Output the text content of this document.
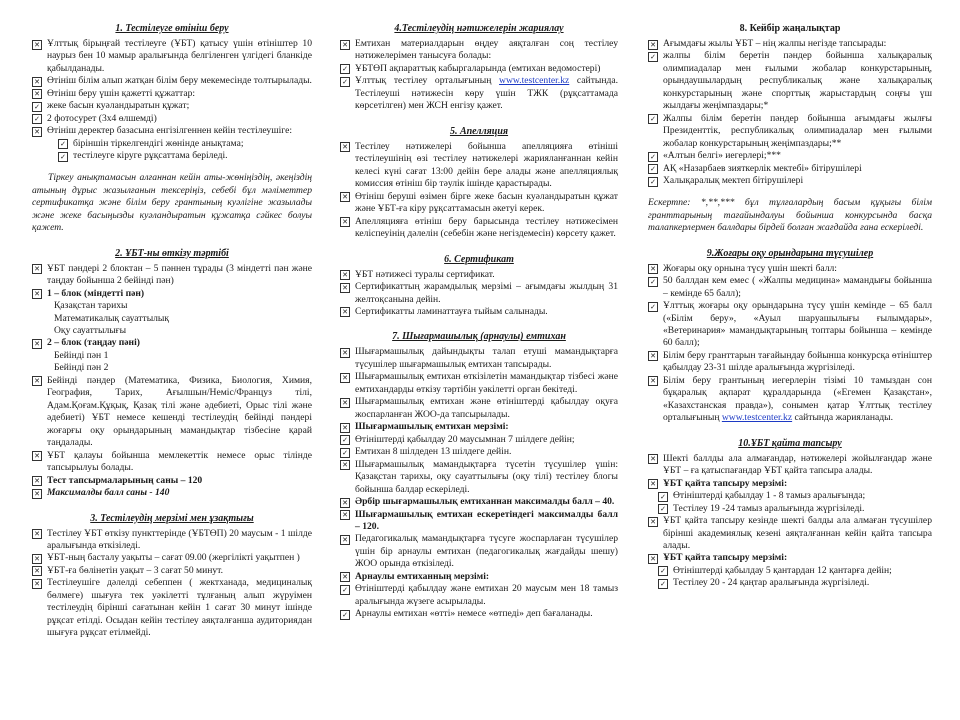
1. Тестілеуге өтініш беру
✕ Ұлттық бірыңғай тестілеуге (ҰБТ) қатысу үшін өтініштер 10 наурыз бен 10 мамыр аралығында белгіленген үлгідегі бланкіде қабылданады.
✕ Өтініш білім алып жатқан білім беру мекемесінде толтырылады.
✕ Өтініш беру үшін қажетті құжаттар:
✓ жеке басын куәландыратын құжат;
✓ 2 фотосурет (3х4 өлшемді)
✕ Өтініш деректер базасына енгізілгеннен кейін тестілеушіге:
✓ біріншін тіркелгендігі жөнінде анықтама;
✓ тестілеуге кіруге рұқсаттама беріледі.

Тіркеу анықтамасын алғаннан кейін аты-жөніңіздің, әкеңіздің атының дұрыс жазылғанын тексеріңіз, себебі бұл мәліметтер сертификатқа және білім беру грантының куәлігіне жазылады және жеке басыңызды куәландыратын құжатқа сәйкес болуы қажет.

2. ҰБТ-ны өткізу тәртібі
✕ ҰБТ пәндері 2 блоктан – 5 пәннен тұрады (3 міндетті пән және таңдау бойынша 2 бейінді пән)
✕ 1 – блок (міндетті пән)
Қазақстан тарихы
Математикалық сауаттылық
Оқу сауаттылығы
✕ 2 – блок (таңдау пәні)
Бейінді пән 1
Бейінді пән 2
✕ Бейінді пәндер (Математика, Физика, Биология, Химия, География, Тарих, Ағылшын/Неміс/Француз тілі, Адам.Қоғам.Құқық, Қазақ тілі және әдебиеті, Орыс тілі және әдебиеті) ҰБТ немесе кешенді тестілеудің бейінді пәндері жоғарғы оқу орындарының мамандықтар тізбесіне қарай таңдалады.
✕ ҰБТ қалауы бойынша мемлекеттік немесе орыс тілінде тапсырылуы болады.
✕ Тест тапсырмаларының саны – 120
✕ Максималды балл саны - 140
3. Тестілеудің мерзімі мен ұзақтығы
✕ Тестілеу ҰБТ өткізу пункттерінде (ҰБТӨП) 20 маусым - 1 шілде аралығында өткізіледі.
✕ ҰБТ-ның басталу уақыты – сағат 09.00 (жергілікті уақытпен )
✕ ҰБТ-ға бөлінетін уақыт – 3 сағат 50 минут.
✕ Тестілеушіге дәлелді себеппен ( жектханада, медициналық бөлмеге) шығуға тек уәкілетті тұлғаның алып жүруімен тестілеудің бірінші сағатынан кейін 1 сағат 30 минут ішінде рұқсат етілді. Осыдан кейін тестілеу аяқталғанша аудиториядан шығуға рұқсат етілмейді.
4.Тестілеудің нәтижелерін жариялау
✕ Емтихан материалдарын өңдеу аяқталған соң тестілеу нәтижелерімен танысуға болады:
✓ ҰБТӨП ақпараттық кабыргаларында (емтихан ведомостері)
✓ Ұлттық тестілеу орталығының www.testcenter.kz сайтында. Тестілеуші нәтижесін көру үшін ТЖК (рұқсаттамада көрсетілген) мен ЖСН енгізу қажет.
5. Апелляция
✕ Тестілеу нәтижелері бойынша апелляцияға өтініші тестілеушінің өзі тестілеу нәтижелері жарияланғаннан кейін келесі күні сағат 13:00 дейін бере алады және апелляциялық комиссия өтініш бір тәулік ішінде қарастырады.
✕ Өтініш берушi өзімен бірге жеке басын куәландыратын құжат және ҰБТ-ға кіру рұқсаттамасын әкетуі керек.
✕ Апелляцияға өтініш беру барысында тестілеу нәтижесімен келіспеуінің дәлелін (себебін және негіздемесін) көрсету қажет.
6. Сертификат
✕ ҰБТ нәтижесі туралы сертификат.
✕ Сертификаттың жарамдылық мерзімі – ағымдағы жылдың 31 желтоқсанына дейін.
✕ Сертификатты ламинаттауға тыйым салынады.
7. Шығармашылық (арнаулы) емтихан
✕ Шығармашылық дайындықты талап етуші мамандықтарға түсушілер шығармашылық емтихан тапсырады.
✕ Шығармашылық емтихан өткізілетін мамандықтар тізбесі және емтихандарды өткізу тәртібін уәкілетті орган бекітеді.
✕ Шығармашылық емтихан және өтініштерді қабылдау оқуға жоспарланған ЖОО-да тапсырылады.
✕ Шығармашылық емтихан мерзімі:
✓ Өтініштерді қабылдау 20 маусымнан 7 шілдеге дейін;
✓ Емтихан 8 шілдеден 13 шілдеге дейін.
✕ Шығармашылық мамандықтарға түсетін түсушілер үшін: Қазақстан тарихы, оқу сауаттылығы (оқу тілі) тестілеу блогы бойынша балдар ескеріледі.
✕ Әрбір шығармашылық емтиханнан максималды балл – 40.
✕ Шығармашылық емтихан ескеретіндегі максималды балл – 120.
✕ Педагогикалық мамандықтарға түсуге жоспарлаған түсушілер үшін бір арнаулы емтихан (педагогикалық жағдайды шешу) ЖОО орында өткізіледі.
✕ Арнаулы емтиханның мерзімі:
✓ Өтініштерді қабылдау және емтихан 20 маусым мен 18 тамыз аралығында жүзеге асырылады.
✓ Арнаулы емтихан «өтті» немесе «өтпеді» деп бағаланады.
8. Кейбір жаңалықтар
✕ Ағымдағы жылы ҰБТ – нің жалпы негізде тапсырады:
✓ жалпы білім беретін пәндер бойынша халықаралық олимпиадалар мен ғылыми жобалар конкурстарының, орындаушылардың республикалық және халықаралық конкурстарының және спорттық жарыстардың соңғы үш жылдағы жеңімпаздары;*
✓ Жалпы білім беретін пәндер бойынша ағымдағы жылғы Президенттік, республикалық олимпиадалар мен ғылыми жобалар конкурстарының жеңімпаздары;**
✓ «Алтын белгі» иегерлері;***
✓ АҚ «Назарбаев зияткерлік мектебі» бітірушілері
✓ Халықаралық мектеп бітірушілері

Ескертпе: *,**,*** бұл тұлғалардың басым құқығы білім гранттарының тағайындалуы бойынша конкурсында басқа талапкерлермен баллдары бірдей болған жағдайда ғана ескеріледі.

9.Жоғары оқу орындарына түсушілер
✕ Жоғары оқу орнына түсу үшін шекті балл:
✓ 50 баллдан кем емес ( «Жалпы медицина» мамандығы бойынша – кемінде 65 балл);
✓ Ұлттық жоғары оқу орындарына түсу үшін кемінде – 65 балл («Білім беру», «Ауыл шаруашылығы ғылымдары», «Ветеринария» мамандықтарының топтары бойынша – кемінде 60 балл);
✕ Білім беру гранттарын тағайындау бойынша конкурсқа өтініштер қабылдау 23-31 шілде аралығында жүргізіледі.
✕ Білім беру грантының иегерлерін тізімі 10 тамыздан сон бұқаралық ақпарат құралдарында («Егемен Қазақстан», «Казахстанская правда»), сонымен қатар Ұлттық тестілеу орталығының www.testcenter.kz сайтында жарияланады.
10.ҰБТ қайта тапсыру
✕ Шекті баллды ала алмағандар, нәтижелері жойылғандар және ҰБТ – ға қатыспағандар ҰБТ қайта тапсыра алады.
✕ ҰБТ қайта тапсыру мерзімі:
✓ Өтініштерді қабылдау 1 - 8 тамыз аралығында;
✓ Тестілеу 19 -24 тамыз аралығында жүргізіледі.
✕ ҰБТ қайта тапсыру кезінде шекті балды ала алмаған түсушілер бірінші академиялық кезені аяқталғаннан кейін қайта тапсыра алады.
✕ ҰБТ қайта тапсыру мерзімі:
✓ Өтініштерді қабылдау 5 қантардан 12 қантарға дейін;
✓ Тестілеу 20 - 24 қаңтар аралығында жүргізіледі.
